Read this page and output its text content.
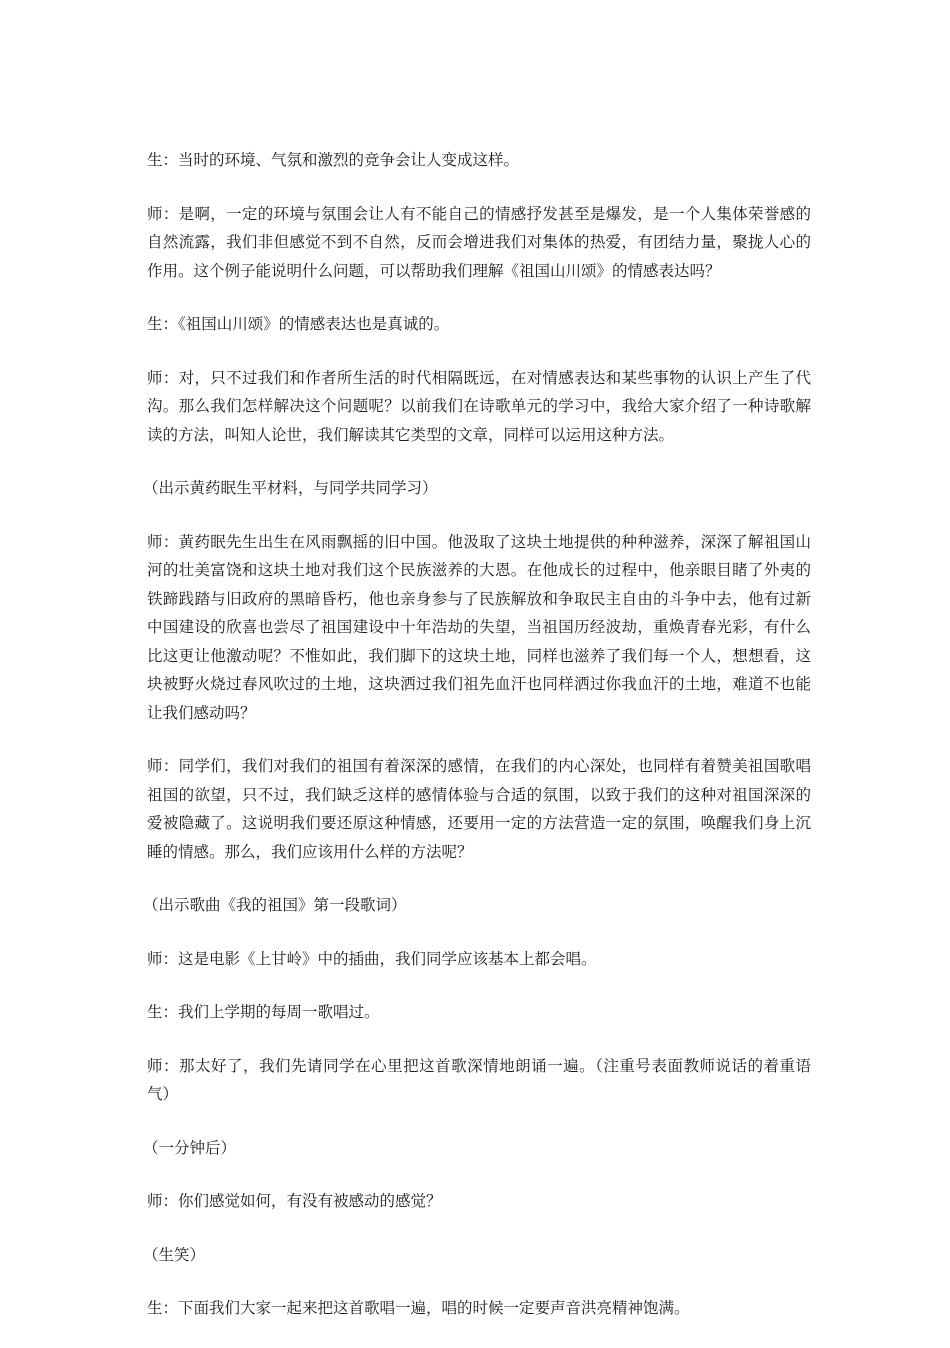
生：当时的环境、气氛和激烈的竞争会让人变成这样。

师：是啊，一定的环境与氛围会让人有不能自己的情感抒发甚至是爆发，是一个人集体荣誉感的自然流露，我们非但感觉不到不自然，反而会增进我们对集体的热爱，有团结力量，聚拢人心的作用。这个例子能说明什么问题，可以帮助我们理解《祖国山川颂》的情感表达吗？

生：《祖国山川颂》的情感表达也是真诚的。

师：对，只不过我们和作者所生活的时代相隔既远，在对情感表达和某些事物的认识上产生了代沟。那么我们怎样解决这个问题呢？以前我们在诗歌单元的学习中，我给大家介绍了一种诗歌解读的方法，叫知人论世，我们解读其它类型的文章，同样可以运用这种方法。

（出示黄药眠生平材料，与同学共同学习）

师：黄药眠先生出生在风雨飘摇的旧中国。他汲取了这块土地提供的种种滋养，深深了解祖国山河的壮美富饶和这块土地对我们这个民族滋养的大恩。在他成长的过程中，他亲眼目睹了外夷的铁蹄践踏与旧政府的黑暗昏朽，他也亲身参与了民族解放和争取民主自由的斗争中去，他有过新中国建设的欣喜也尝尽了祖国建设中十年浩劫的失望，当祖国历经波劫，重焕青春光彩，有什么比这更让他激动呢？不惟如此，我们脚下的这块土地，同样也滋养了我们每一个人，想想看，这块被野火烧过春风吹过的土地，这块洒过我们祖先血汗也同样洒过你我血汗的土地，难道不也能让我们感动吗？

师：同学们，我们对我们的祖国有着深深的感情，在我们的内心深处，也同样有着赞美祖国歌唱祖国的欲望，只不过，我们缺乏这样的感情体验与合适的氛围，以致于我们的这种对祖国深深的爱被隐藏了。这说明我们要还原这种情感，还要用一定的方法营造一定的氛围，唤醒我们身上沉睡的情感。那么，我们应该用什么样的方法呢？

（出示歌曲《我的祖国》第一段歌词）

师：这是电影《上甘岭》中的插曲，我们同学应该基本上都会唱。

生：我们上学期的每周一歌唱过。

师：那太好了，我们先请同学在心里把这首歌深情地朗诵一遍。（注重号表面教师说话的着重语气）

（一分钟后）

师：你们感觉如何，有没有被感动的感觉？

（生笑）

生：下面我们大家一起来把这首歌唱一遍，唱的时候一定要声音洪亮精神饱满。
